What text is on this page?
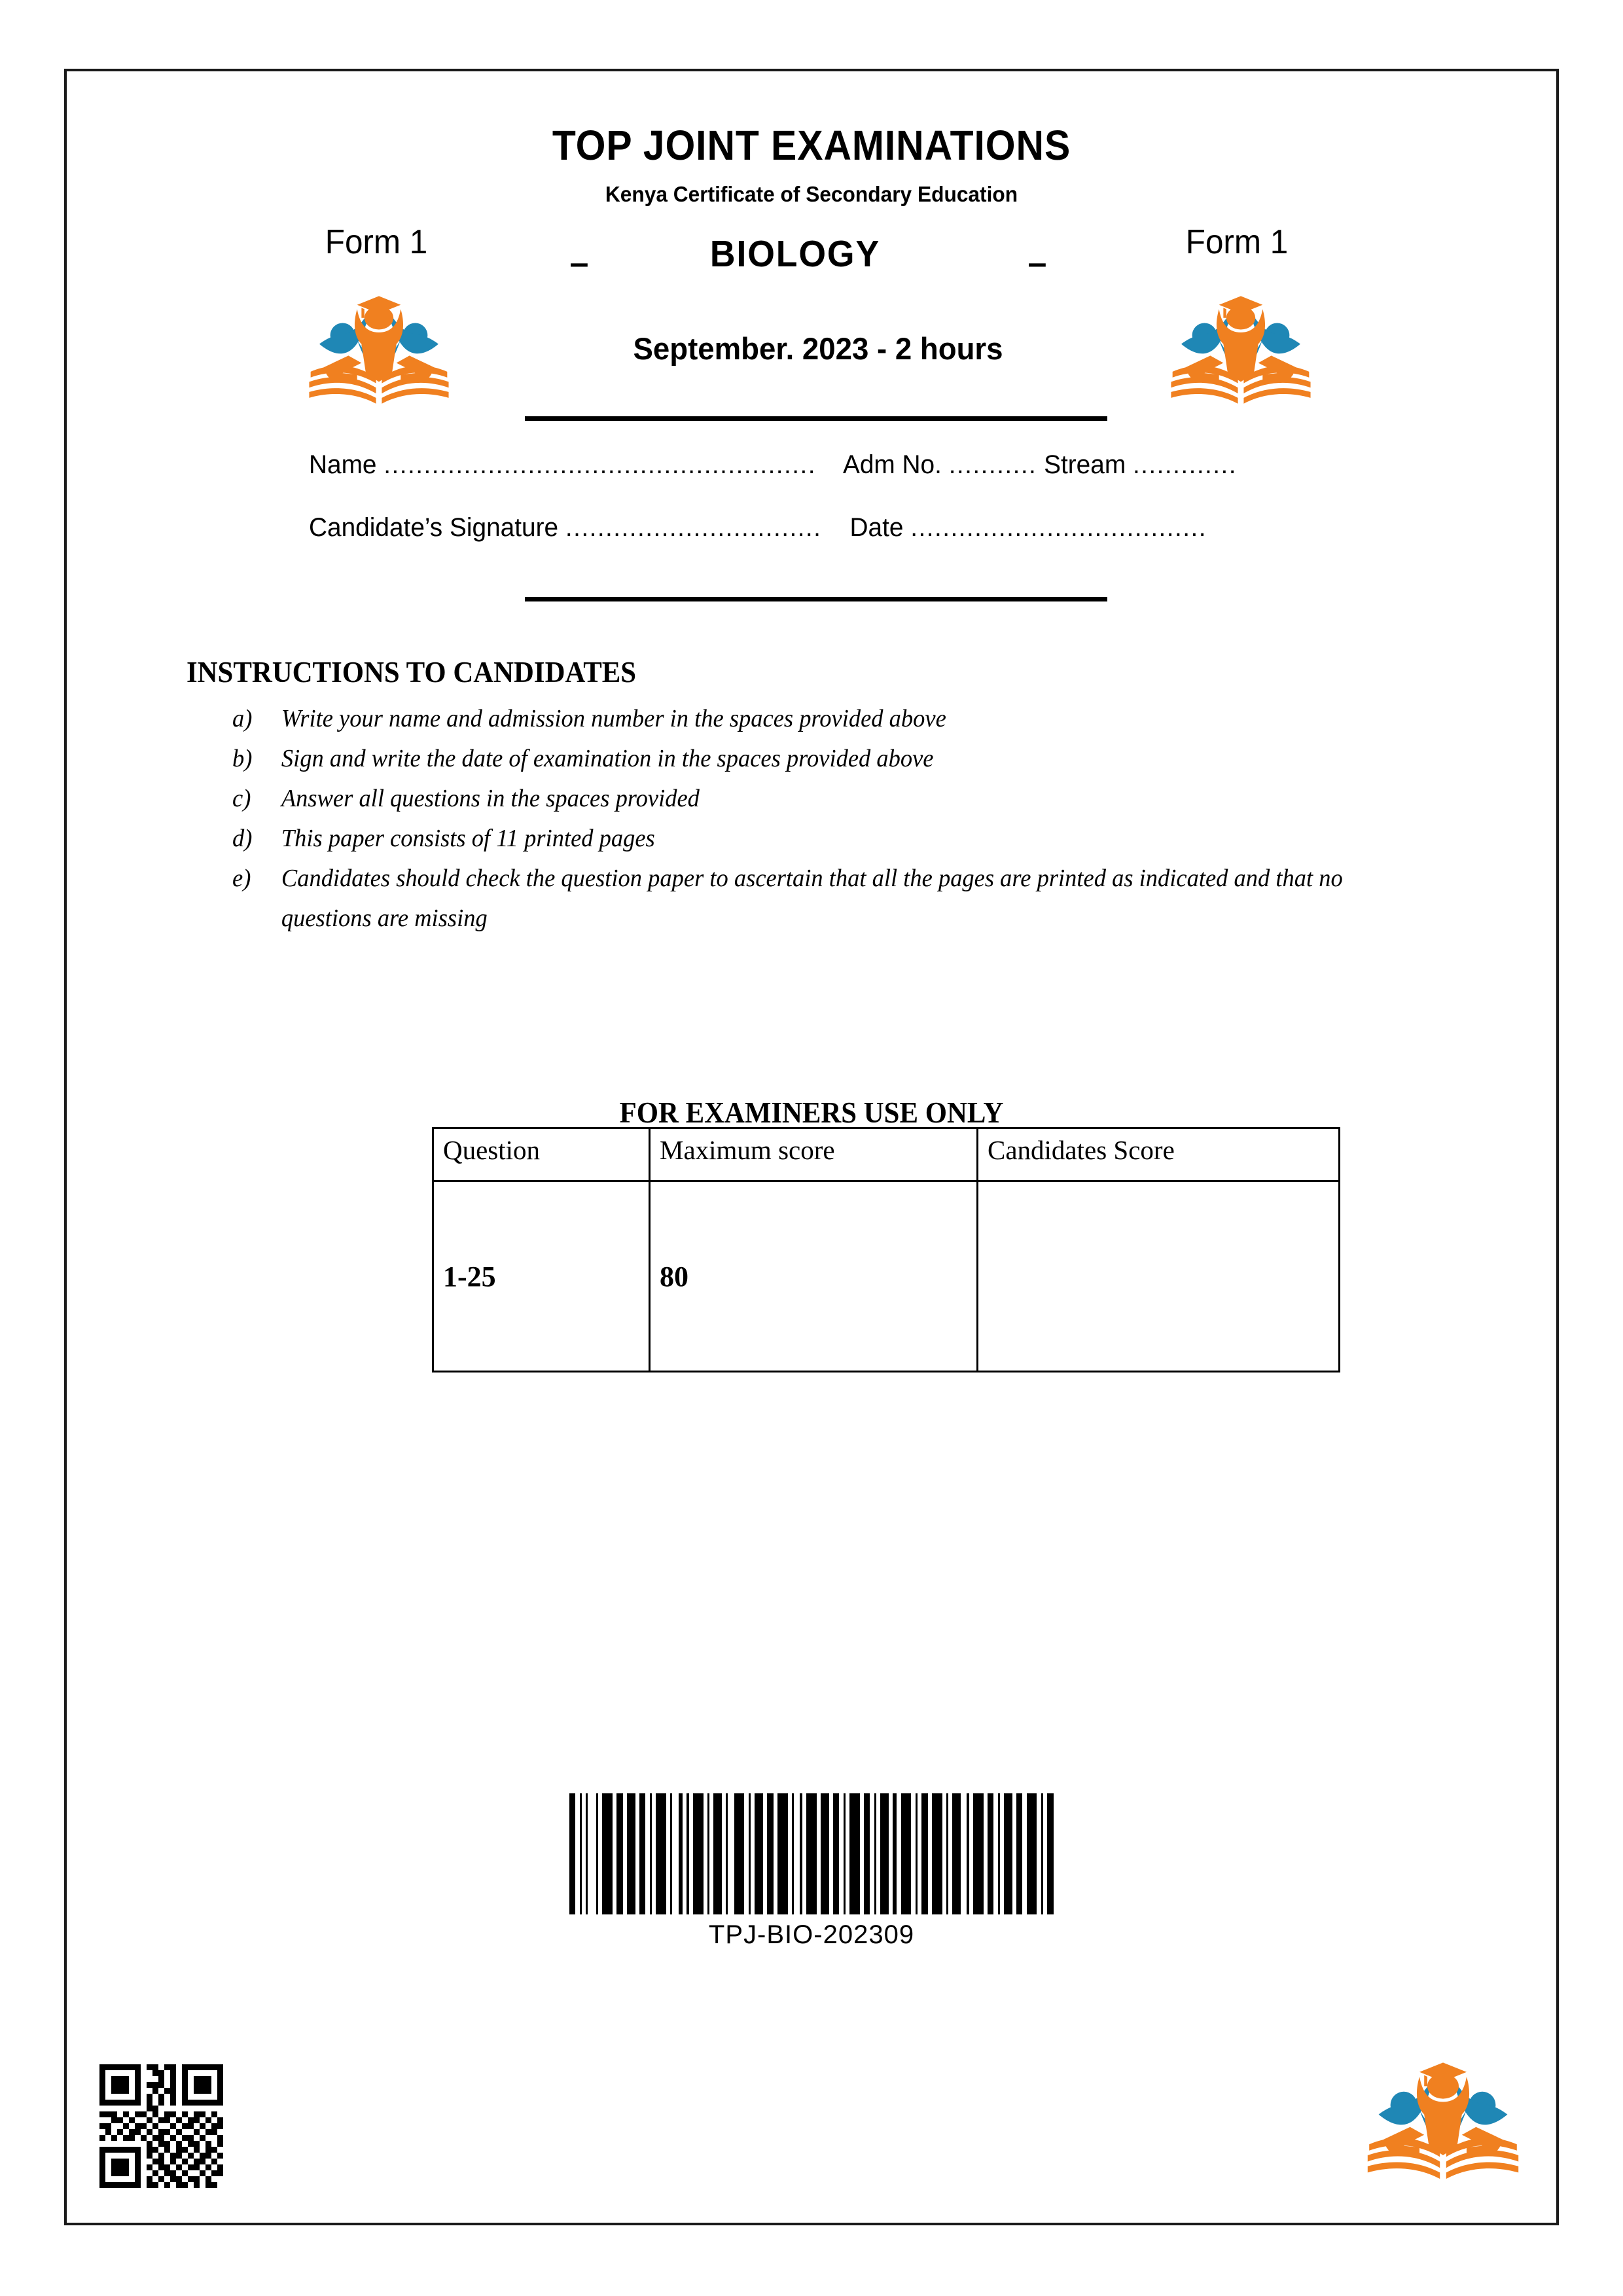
TOP JOINT EXAMINATIONS
Kenya Certificate of Secondary Education
Form 1
–	BIOLOGY	–
Form 1
September. 2023 - 2 hours
Name ...................................................... Adm No. ........... Stream .............
Candidate’s Signature ................................ Date .....................................
INSTRUCTIONS TO CANDIDATES
a) Write your name and admission number in the spaces provided above
b) Sign and write the date of examination in the spaces provided above
c) Answer all questions in the spaces provided
d) This paper consists of 11 printed pages
e) Candidates should check the question paper to ascertain that all the pages are printed as indicated and that no questions are missing
FOR EXAMINERS USE ONLY
Question	Maximum score	Candidates Score
1-25	80	
TPJ-BIO-202309
